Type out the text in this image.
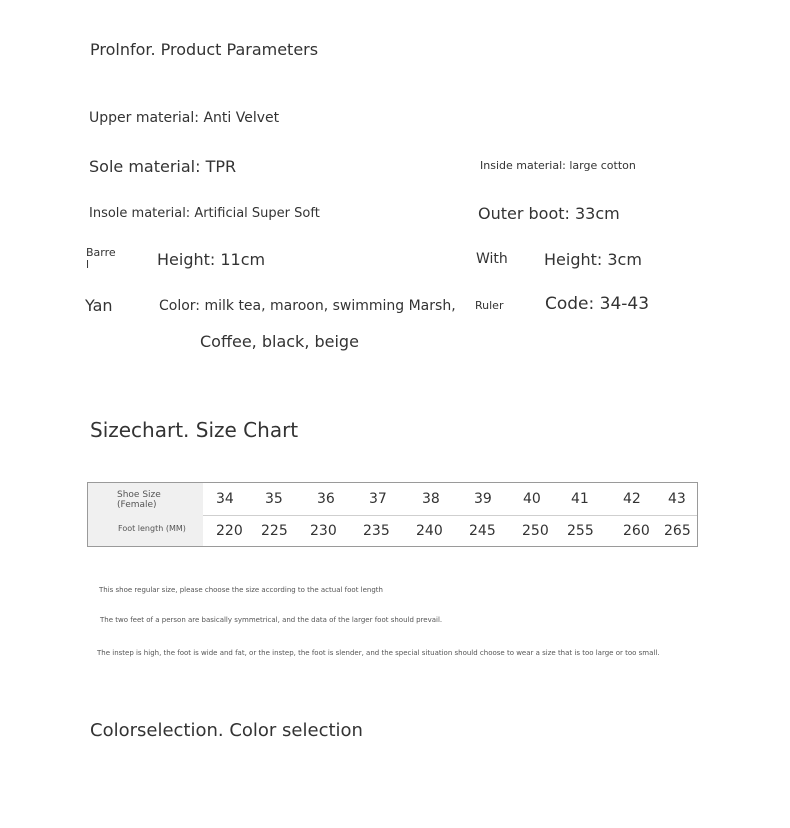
Prolnfor. Product Parameters
Upper material: Anti Velvet
Sole material: TPR	Inside material: large cotton
Insole material: Artificial Super Soft	Outer boot: 33cm
Barrel	Height: 11cm	With Height: 3cm
Yan	Color: milk tea, maroon, swimming Marsh, Ruler Code: 34-43
Coffee, black, beige
Sizechart. Size Chart
Shoe Size
(Female)	34 35 36 37	38 39 40 41 42 43
Foot length (MM) 220 225 230 235 240 245 250 255 260 265
This shoe regular size, please choose the size according to the actual foot length
The two feet of a person are basically symmetrical, and the data of the larger foot should prevail.
The instep is high, the foot is wide and fat, or the instep, the foot is slender, and the special situation should choose to wear a size that is too large or too small.
Colorselection. Color selection
